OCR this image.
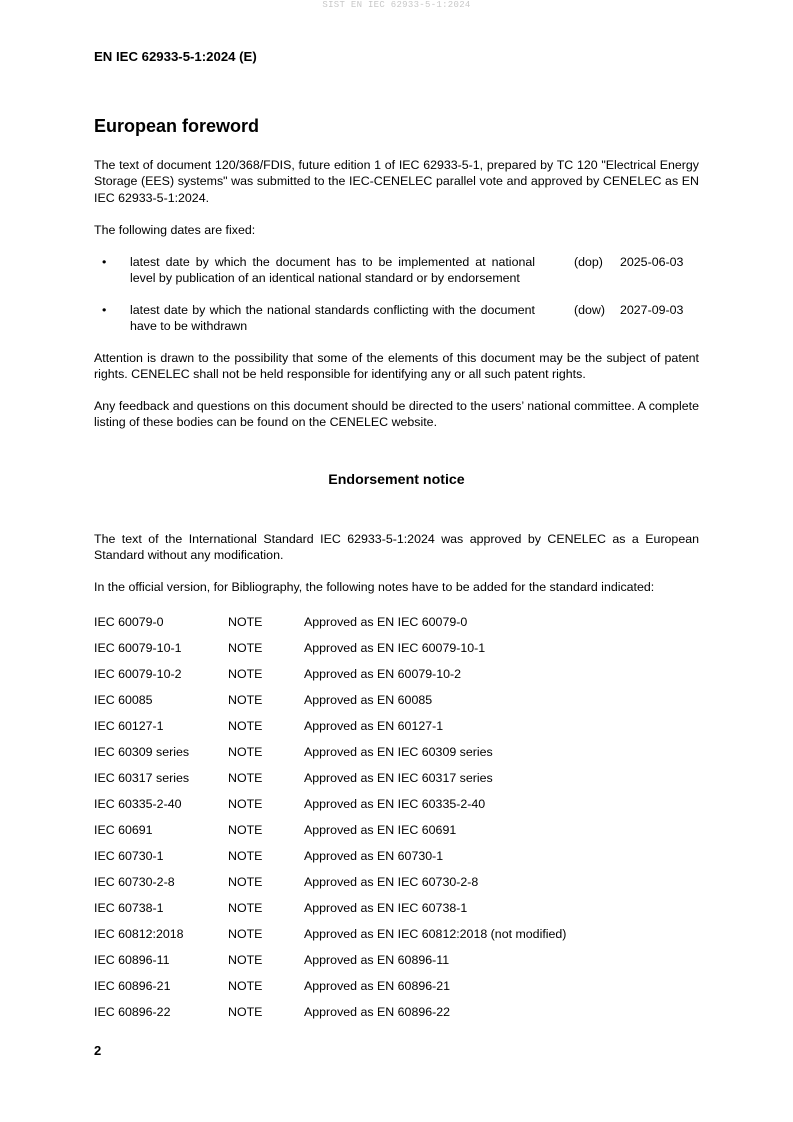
SIST EN IEC 62933-5-1:2024
EN IEC 62933-5-1:2024 (E)
European foreword
The text of document 120/368/FDIS, future edition 1 of IEC 62933-5-1, prepared by TC 120 "Electrical Energy Storage (EES) systems" was submitted to the IEC-CENELEC parallel vote and approved by CENELEC as EN IEC 62933-5-1:2024.
The following dates are fixed:
• latest date by which the document has to be implemented at national level by publication of an identical national standard or by endorsement
(dop) 2025-06-03
• latest date by which the national standards conflicting with the document have to be withdrawn
(dow) 2027-09-03
Attention is drawn to the possibility that some of the elements of this document may be the subject of patent rights. CENELEC shall not be held responsible for identifying any or all such patent rights.
Any feedback and questions on this document should be directed to the users’ national committee. A complete listing of these bodies can be found on the CENELEC website.
Endorsement notice
The text of the International Standard IEC 62933-5-1:2024 was approved by CENELEC as a European Standard without any modification.
In the official version, for Bibliography, the following notes have to be added for the standard indicated:
IEC 60079-0	NOTE	Approved as EN IEC 60079-0
IEC 60079-10-1	NOTE	Approved as EN IEC 60079-10-1
IEC 60079-10-2	NOTE	Approved as EN 60079-10-2
IEC 60085	NOTE	Approved as EN 60085
IEC 60127-1	NOTE	Approved as EN 60127-1
IEC 60309 series	NOTE	Approved as EN IEC 60309 series
IEC 60317 series	NOTE	Approved as EN IEC 60317 series
IEC 60335-2-40	NOTE	Approved as EN IEC 60335-2-40
IEC 60691	NOTE	Approved as EN IEC 60691
IEC 60730-1	NOTE	Approved as EN 60730-1
IEC 60730-2-8	NOTE	Approved as EN IEC 60730-2-8
IEC 60738-1	NOTE	Approved as EN IEC 60738-1
IEC 60812:2018	NOTE	Approved as EN IEC 60812:2018 (not modified)
IEC 60896-11	NOTE	Approved as EN 60896-11
IEC 60896-21	NOTE	Approved as EN 60896-21
IEC 60896-22	NOTE	Approved as EN 60896-22
2
